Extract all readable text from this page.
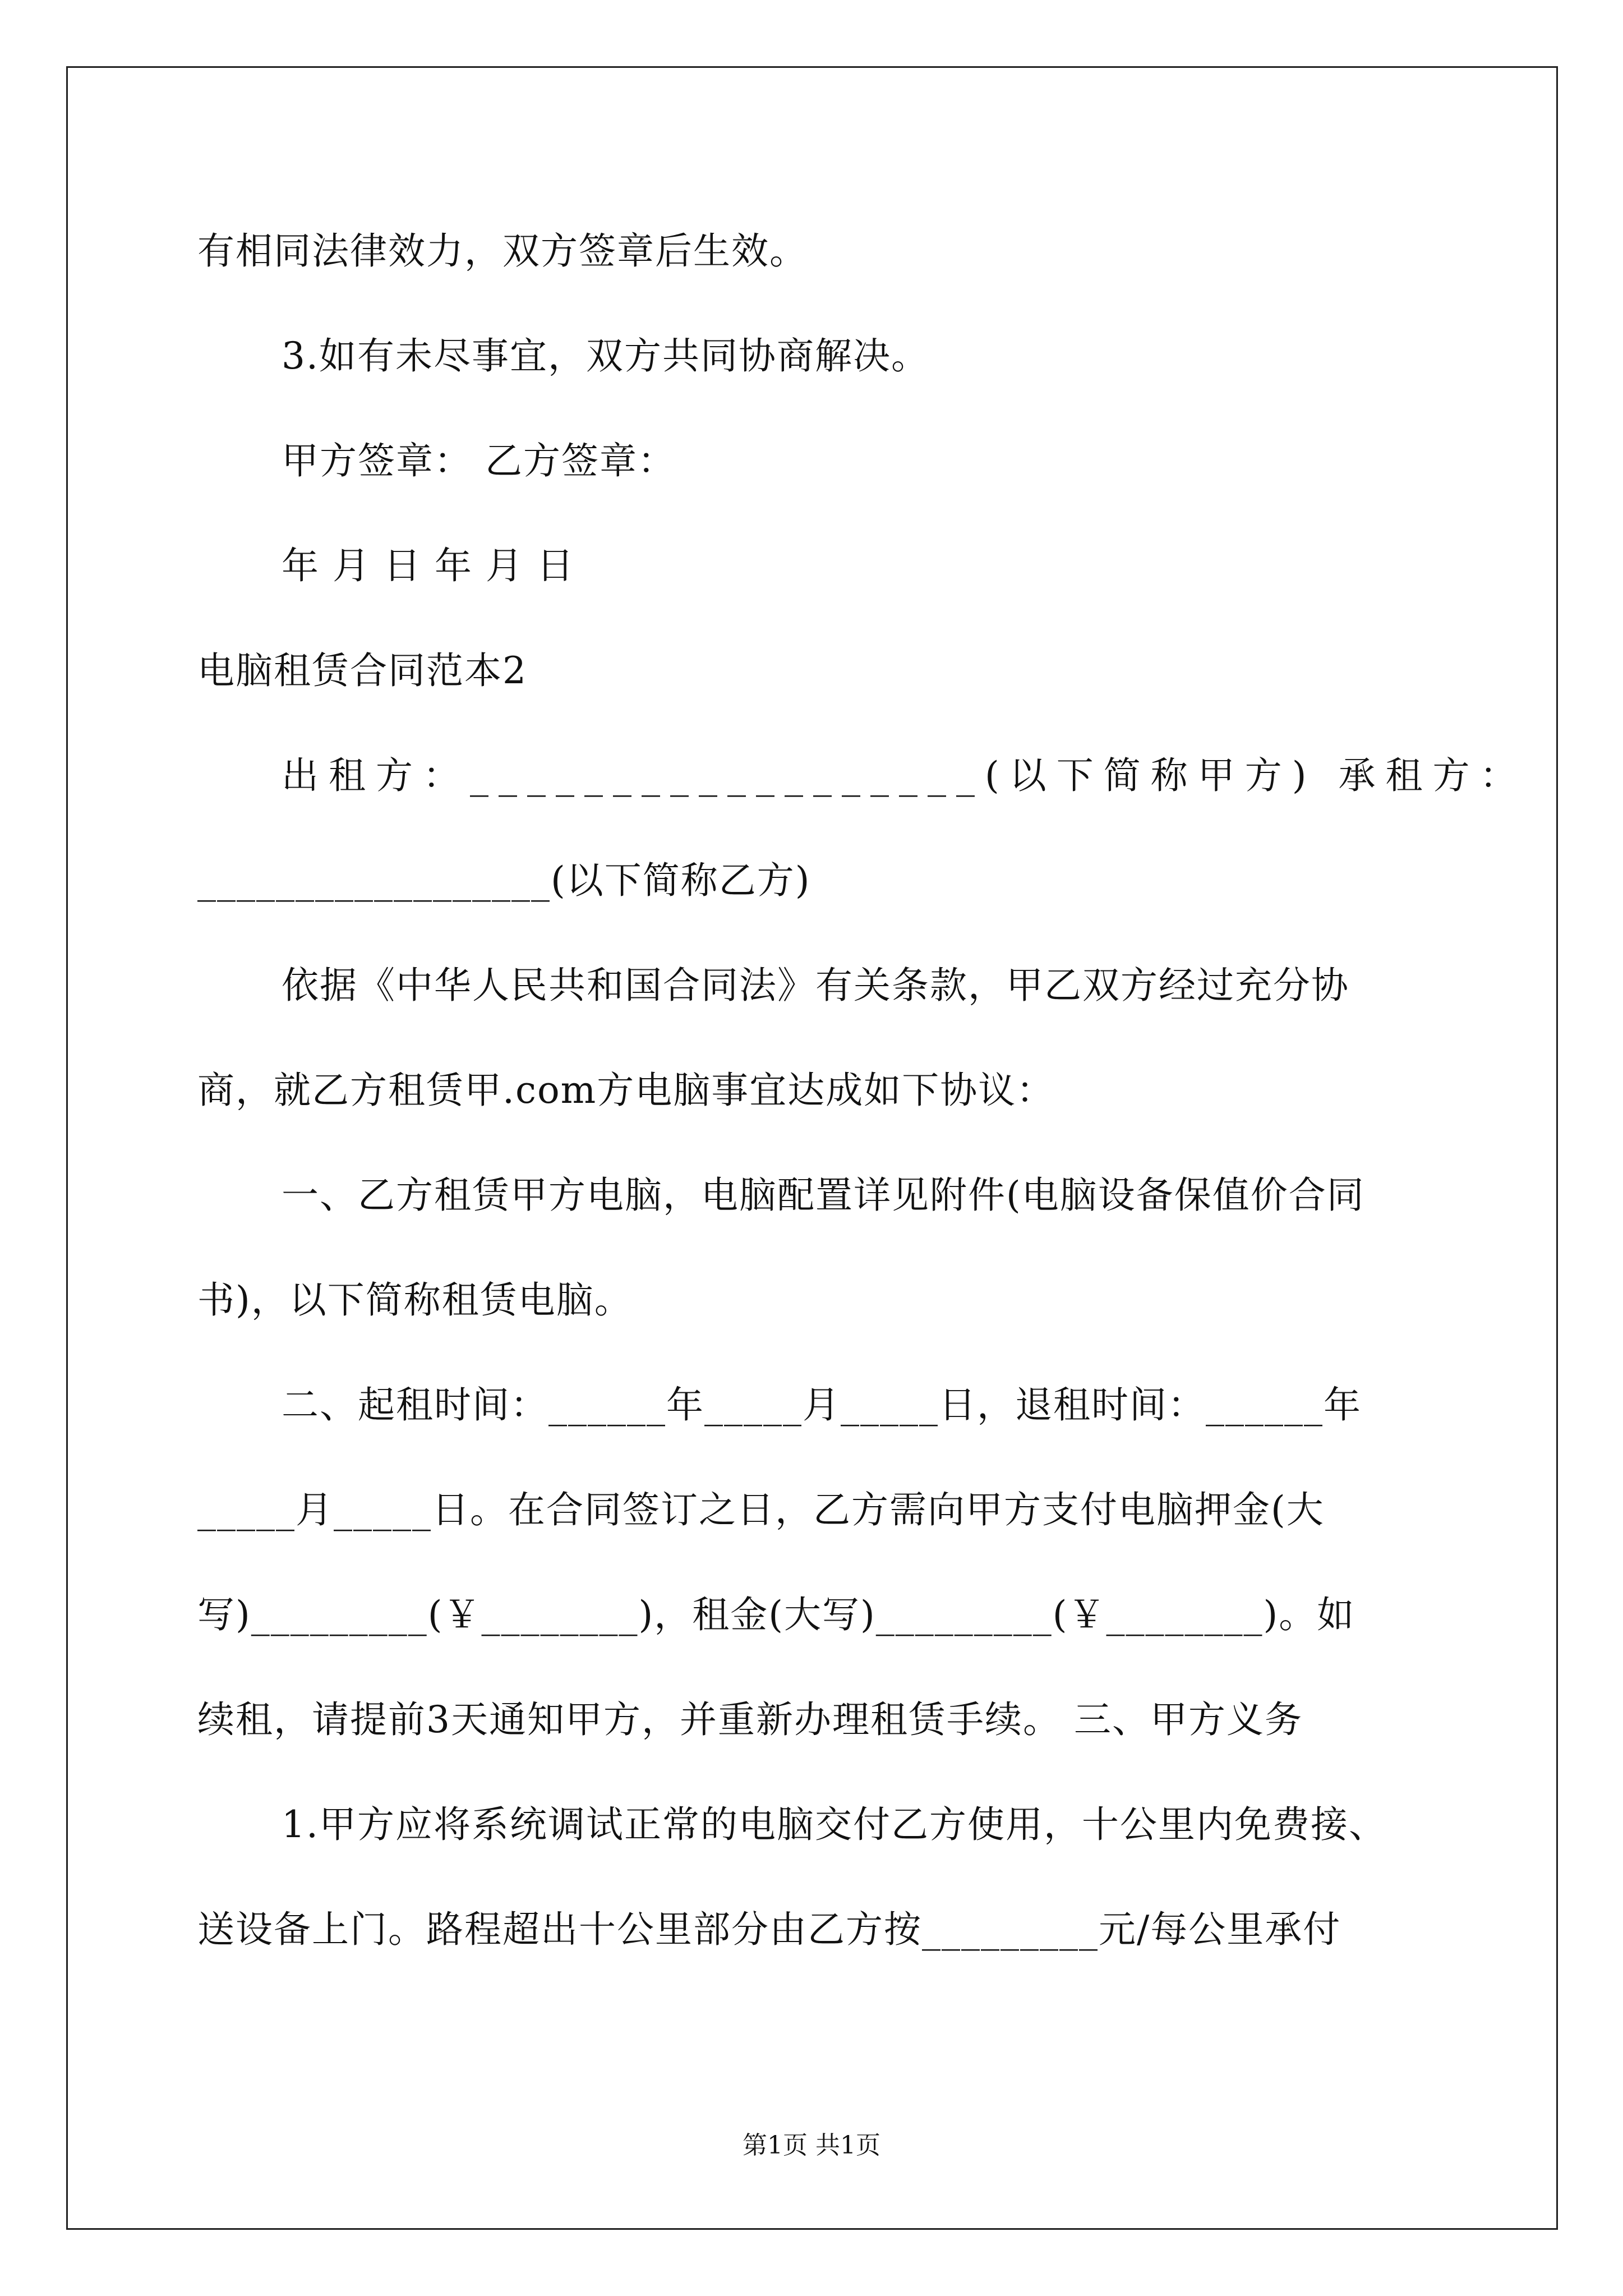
有相同法律效力，双方签章后生效。
3.如有未尽事宜，双方共同协商解决。
甲方签章： 乙方签章：
年 月 日 年 月 日
电脑租赁合同范本2
出租方：__________________(以下简称甲方) 承租方：
__________________(以下简称乙方)
依据《中华人民共和国合同法》有关条款，甲乙双方经过充分协
商，就乙方租赁甲.com方电脑事宜达成如下协议：
一、乙方租赁甲方电脑，电脑配置详见附件(电脑设备保值价合同
书)，以下简称租赁电脑。
二、起租时间：______年_____月_____日，退租时间：______年
_____月_____日。在合同签订之日，乙方需向甲方支付电脑押金(大
写)_________(￥________)，租金(大写)_________(￥________)。如
续租，请提前3天通知甲方，并重新办理租赁手续。 三、甲方义务
1.甲方应将系统调试正常的电脑交付乙方使用，十公里内免费接、
送设备上门。路程超出十公里部分由乙方按_________元/每公里承付
第1页 共1页
